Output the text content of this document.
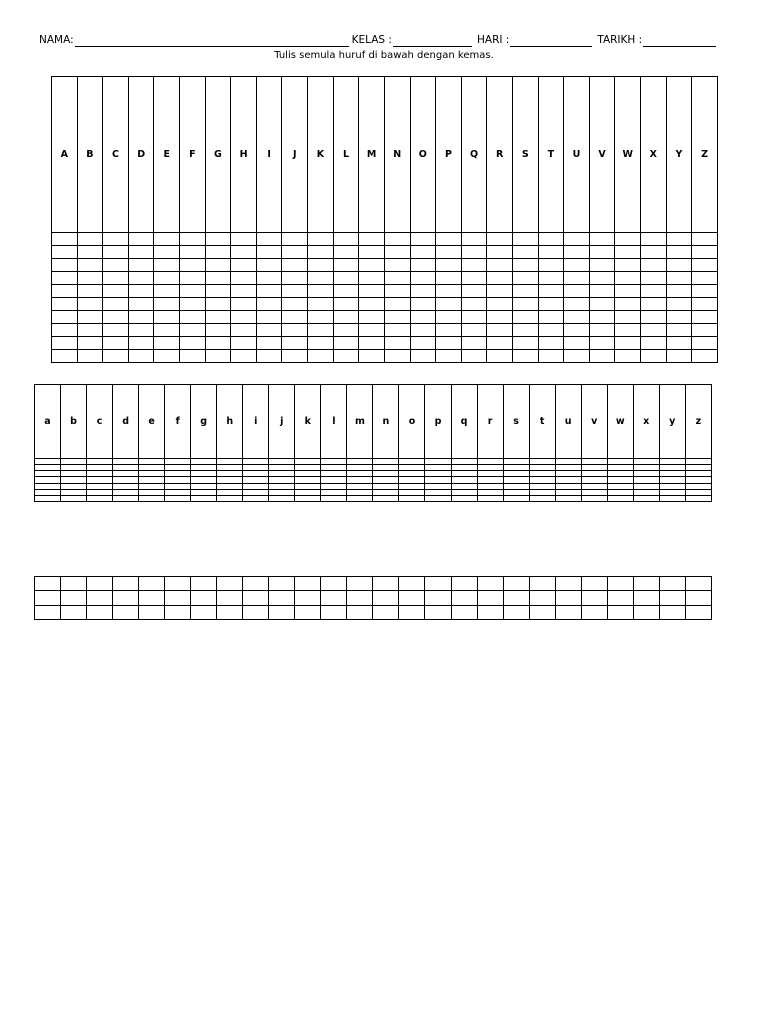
NAMA:	KELAS :	HARI :	TARIKH :
Tulis semula huruf di bawah dengan kemas.
A	B	C	D	E	F	G	H	I	J	K	L	M	N	O	P	Q	R	S	T	U	V	W	X	Y	Z

a	b	c	d	e	f	g	h	i	j	k	l	m	n	o	p	q	r	s	t	u	v	w	x	y	z
